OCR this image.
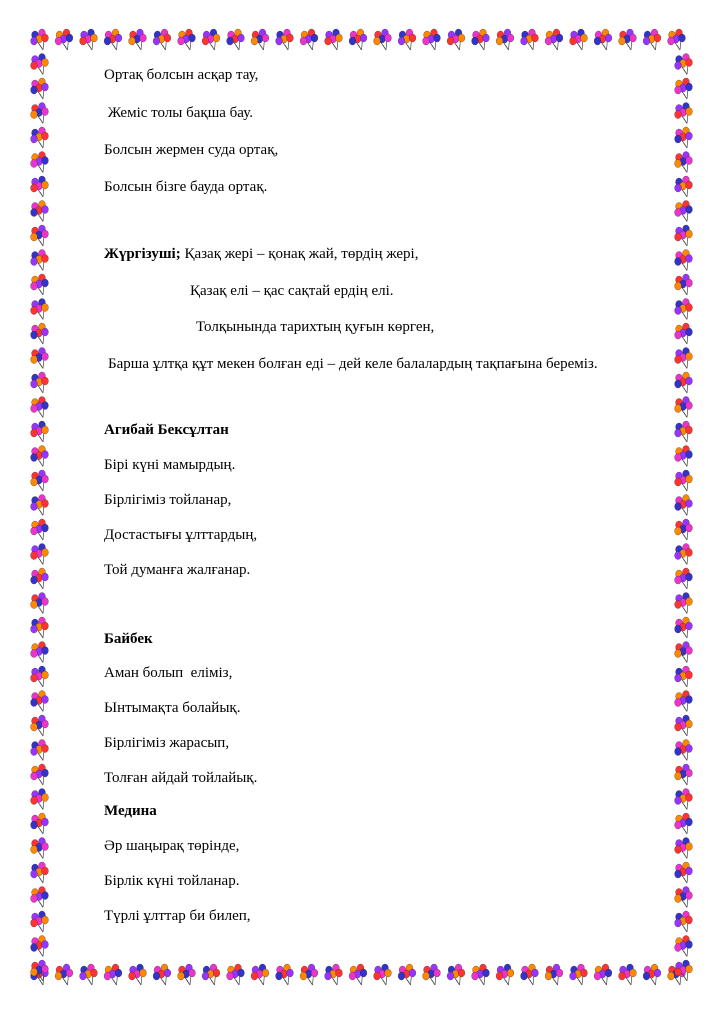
Ортақ болсын асқар тау,
Жеміс толы бақша бау.
Болсын жермен суда ортақ,
Болсын бізге бауда ортақ.
Жүргізуші; Қазақ жері – қонақ жай, төрдің жері,
Қазақ елі – қас сақтай ердің елі.
Толқынында тарихтың қуғын көрген,
Барша ұлтқа құт мекен болған еді – дей келе балалардың тақпағына береміз.
Агибай Бексұлтан
Бірі күні мамырдың.
Бірлігіміз тойланар,
Достастығы ұлттардың,
Той думанға жалғанар.
Байбек
Аман болып  еліміз,
Ынтымақта болайық.
Бірлігіміз жарасып,
Толған айдай тойлайық.
Медина
Әр шаңырақ төрінде,
Бірлік күні тойланар.
Түрлі ұлттар би билеп,
